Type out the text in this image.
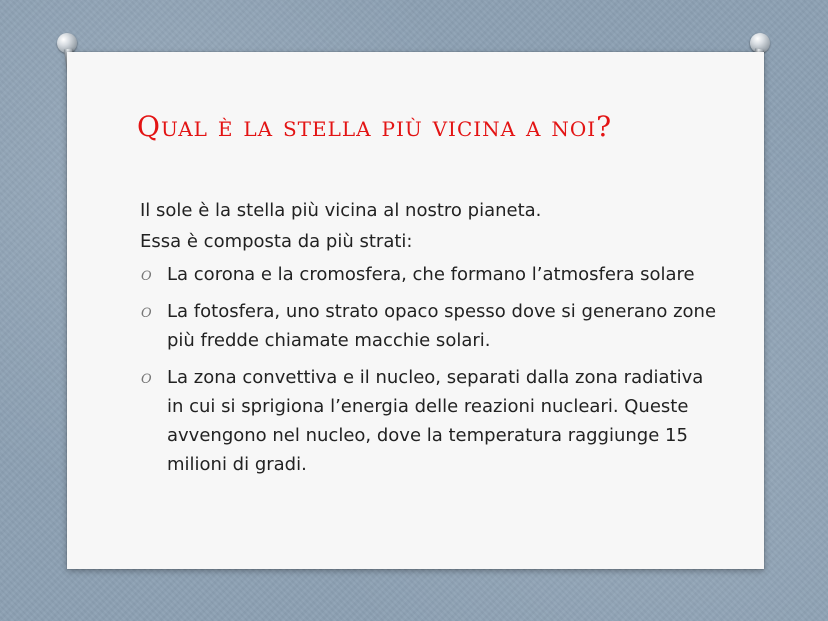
Qual è la stella più vicina a noi?

Il sole è la stella più vicina al nostro pianeta.

Essa è composta da più strati:

O La corona e la cromosfera, che formano l’atmosfera solare
O La fotosfera, uno strato opaco spesso dove si generano zone più fredde chiamate macchie solari.
O La zona convettiva e il nucleo, separati dalla zona radiativa in cui si sprigiona l’energia delle reazioni nucleari. Queste avvengono nel nucleo, dove la temperatura raggiunge 15 milioni di gradi.
